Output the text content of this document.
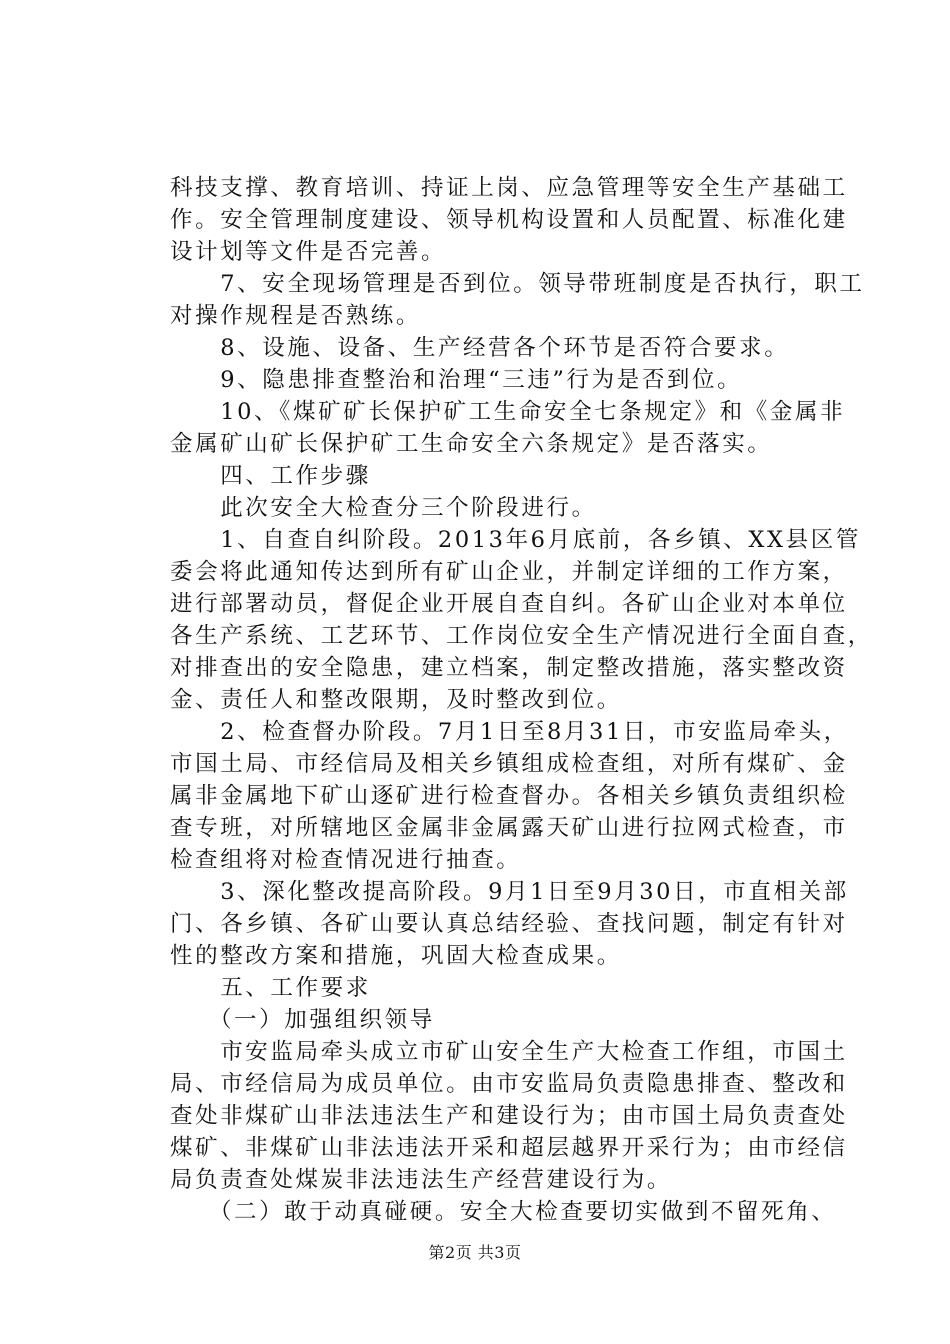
科技支撑、教育培训、持证上岗、应急管理等安全生产基础工
作。安全管理制度建设、领导机构设置和人员配置、标准化建
设计划等文件是否完善。
　　7、安全现场管理是否到位。领导带班制度是否执行，职工
对操作规程是否熟练。
　　8、设施、设备、生产经营各个环节是否符合要求。
　　9、隐患排查整治和治理“三违”行为是否到位。
　　10、《煤矿矿长保护矿工生命安全七条规定》和《金属非
金属矿山矿长保护矿工生命安全六条规定》是否落实。
　　四、工作步骤
　　此次安全大检查分三个阶段进行。
　　1、自查自纠阶段。2013年6月底前，各乡镇、XX县区管
委会将此通知传达到所有矿山企业，并制定详细的工作方案，
进行部署动员，督促企业开展自查自纠。各矿山企业对本单位
各生产系统、工艺环节、工作岗位安全生产情况进行全面自查，
对排查出的安全隐患，建立档案，制定整改措施，落实整改资
金、责任人和整改限期，及时整改到位。
　　2、检查督办阶段。7月1日至8月31日，市安监局牵头，
市国土局、市经信局及相关乡镇组成检查组，对所有煤矿、金
属非金属地下矿山逐矿进行检查督办。各相关乡镇负责组织检
查专班，对所辖地区金属非金属露天矿山进行拉网式检查，市
检查组将对检查情况进行抽查。
　　3、深化整改提高阶段。9月1日至9月30日，市直相关部
门、各乡镇、各矿山要认真总结经验、查找问题，制定有针对
性的整改方案和措施，巩固大检查成果。
　　五、工作要求
　　（一）加强组织领导
　　市安监局牵头成立市矿山安全生产大检查工作组，市国土
局、市经信局为成员单位。由市安监局负责隐患排查、整改和
查处非煤矿山非法违法生产和建设行为；由市国土局负责查处
煤矿、非煤矿山非法违法开采和超层越界开采行为；由市经信
局负责查处煤炭非法违法生产经营建设行为。
　　（二）敢于动真碰硬。安全大检查要切实做到不留死角、
第2页 共3页
